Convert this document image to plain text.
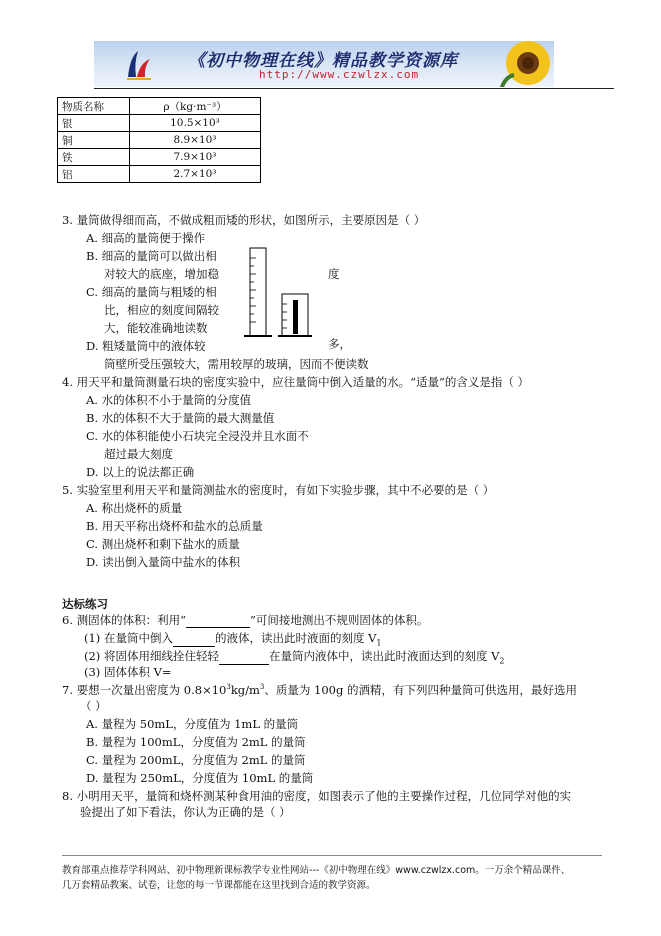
《初中物理在线》精品教学资源库
http://www.czwlzx.com
物质名称	ρ（kg·m⁻³）
银	10.5×10³
铜	8.9×10³
铁	7.9×10³
铝	2.7×10³
3. 量筒做得细而高，不做成粗而矮的形状，如图所示，主要原因是（ ）
A. 细高的量筒便于操作
B. 细高的量筒可以做出相
对较大的底座，增加稳	度
C. 细高的量筒与粗矮的相
比，相应的刻度间隔较
大，能较准确地读数
D. 粗矮量筒中的液体较	多，
筒壁所受压强较大，需用较厚的玻璃，因而不便读数
4. 用天平和量筒测量石块的密度实验中，应往量筒中倒入适量的水。“适量”的含义是指（ ）
A. 水的体积不小于量筒的分度值
B. 水的体积不大于量筒的最大测量值
C. 水的体积能使小石块完全浸没并且水面不
超过最大刻度
D. 以上的说法都正确
5. 实验室里利用天平和量筒测盐水的密度时，有如下实验步骤，其中不必要的是（ ）
A. 称出烧杯的质量
B. 用天平称出烧杯和盐水的总质量
C. 测出烧杯和剩下盐水的质量
D. 读出倒入量筒中盐水的体积
达标练习
6. 测固体的体积：利用“	”可间接地测出不规则固体的体积。
(1) 在量筒中倒入	的液体，读出此时液面的刻度 $V_1$
(2) 将固体用细线拴住轻轻	在量筒内液体中，读出此时液面达到的刻度 $V_2$
(3) 固体体积 V=
7. 要想一次量出密度为 $0.8\times 10^3kg/m^3$、质量为 100g 的酒精，有下列四种量筒可供选用，最好选用
（ ）
A. 量程为 50mL，分度值为 1mL 的量筒
B. 量程为 100mL，分度值为 2mL 的量筒
C. 量程为 200mL，分度值为 2mL 的量筒
D. 量程为 250mL，分度值为 10mL 的量筒
8. 小明用天平，量筒和烧杯测某种食用油的密度，如图表示了他的主要操作过程，几位同学对他的实
验提出了如下看法，你认为正确的是（ ）
教育部重点推荐学科网站、初中物理新课标教学专业性网站---《初中物理在线》www.czwlzx.com。一万余个精品课件、
几万套精品教案、试卷，让您的每一节课都能在这里找到合适的教学资源。
